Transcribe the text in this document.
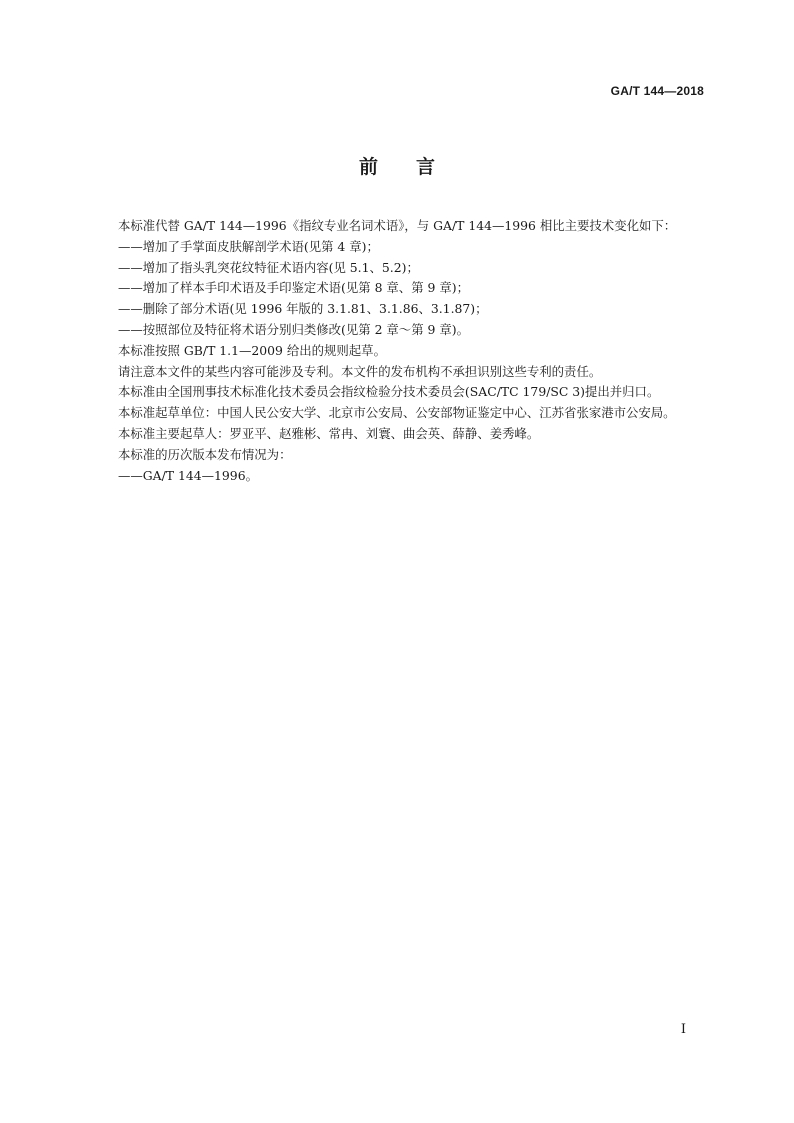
GA/T 144—2018
前言

本标准代替 GA/T 144—1996《指纹专业名词术语》，与 GA/T 144—1996 相比主要技术变化如下：

——增加了手掌面皮肤解剖学术语(见第 4 章)；

——增加了指头乳突花纹特征术语内容(见 5.1、5.2)；

——增加了样本手印术语及手印鉴定术语(见第 8 章、第 9 章)；

——删除了部分术语(见 1996 年版的 3.1.81、3.1.86、3.1.87)；

——按照部位及特征将术语分别归类修改(见第 2 章～第 9 章)。

本标准按照 GB/T 1.1—2009 给出的规则起草。

请注意本文件的某些内容可能涉及专利。本文件的发布机构不承担识别这些专利的责任。

本标准由全国刑事技术标准化技术委员会指纹检验分技术委员会(SAC/TC 179/SC 3)提出并归口。

本标准起草单位：中国人民公安大学、北京市公安局、公安部物证鉴定中心、江苏省张家港市公安局。

本标准主要起草人：罗亚平、赵雅彬、常冉、刘寰、曲会英、薛静、姜秀峰。

本标准的历次版本发布情况为：

——GA/T 144—1996。

I
